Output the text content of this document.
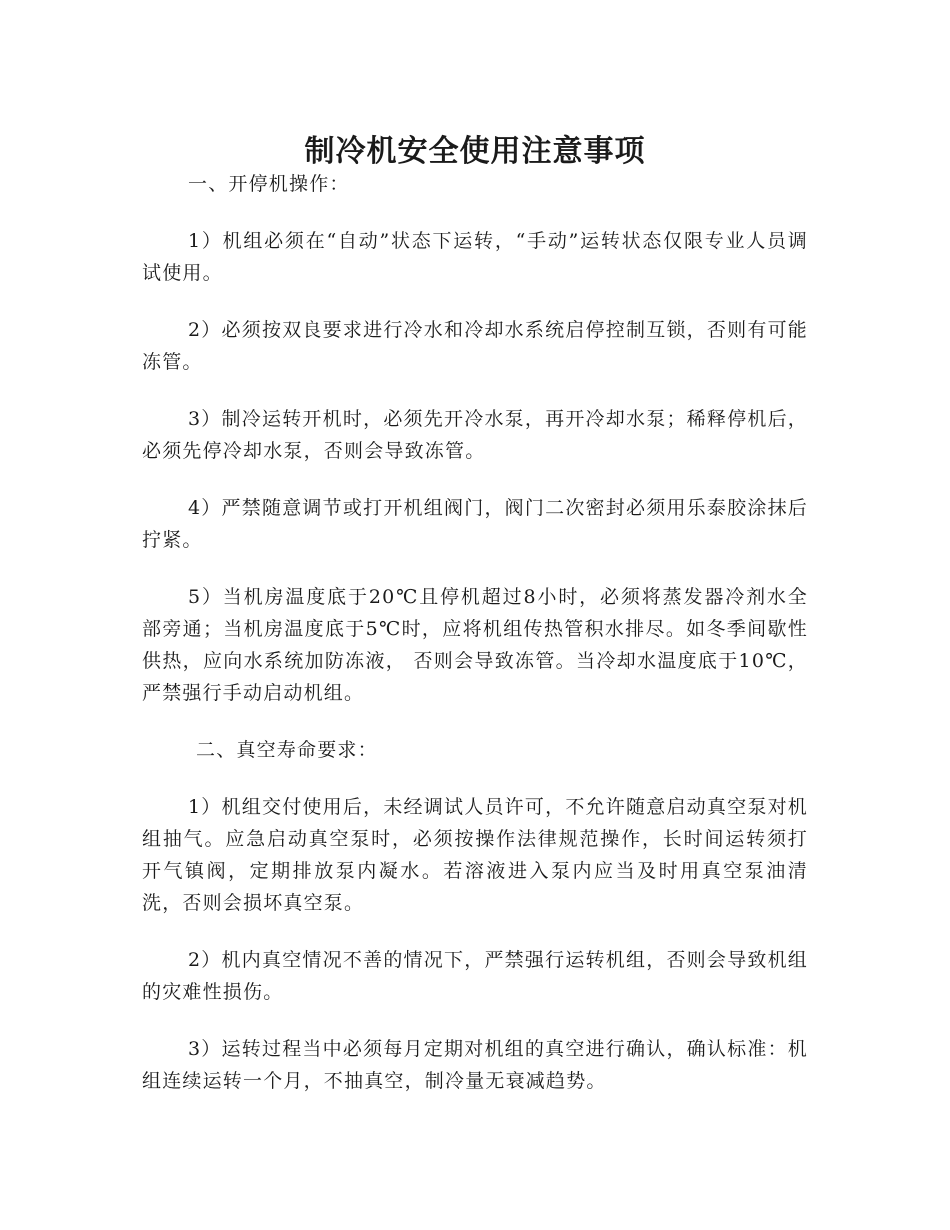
制冷机安全使用注意事项

一、开停机操作：

1）机组必须在“自动”状态下运转，“手动”运转状态仅限专业人员调试使用。

2）必须按双良要求进行冷水和冷却水系统启停控制互锁，否则有可能冻管。

3）制冷运转开机时，必须先开冷水泵，再开冷却水泵；稀释停机后，必须先停冷却水泵，否则会导致冻管。

4）严禁随意调节或打开机组阀门，阀门二次密封必须用乐泰胶涂抹后拧紧。

5）当机房温度底于20℃且停机超过8小时，必须将蒸发器冷剂水全部旁通；当机房温度底于5℃时，应将机组传热管积水排尽。如冬季间歇性供热，应向水系统加防冻液， 否则会导致冻管。当冷却水温度底于10℃，严禁强行手动启动机组。

二、真空寿命要求：

1）机组交付使用后，未经调试人员许可，不允许随意启动真空泵对机组抽气。应急启动真空泵时，必须按操作法律规范操作，长时间运转须打开气镇阀，定期排放泵内凝水。若溶液进入泵内应当及时用真空泵油清洗，否则会损坏真空泵。

2）机内真空情况不善的情况下，严禁强行运转机组，否则会导致机组的灾难性损伤。

3）运转过程当中必须每月定期对机组的真空进行确认，确认标准：机组连续运转一个月，不抽真空，制冷量无衰减趋势。
